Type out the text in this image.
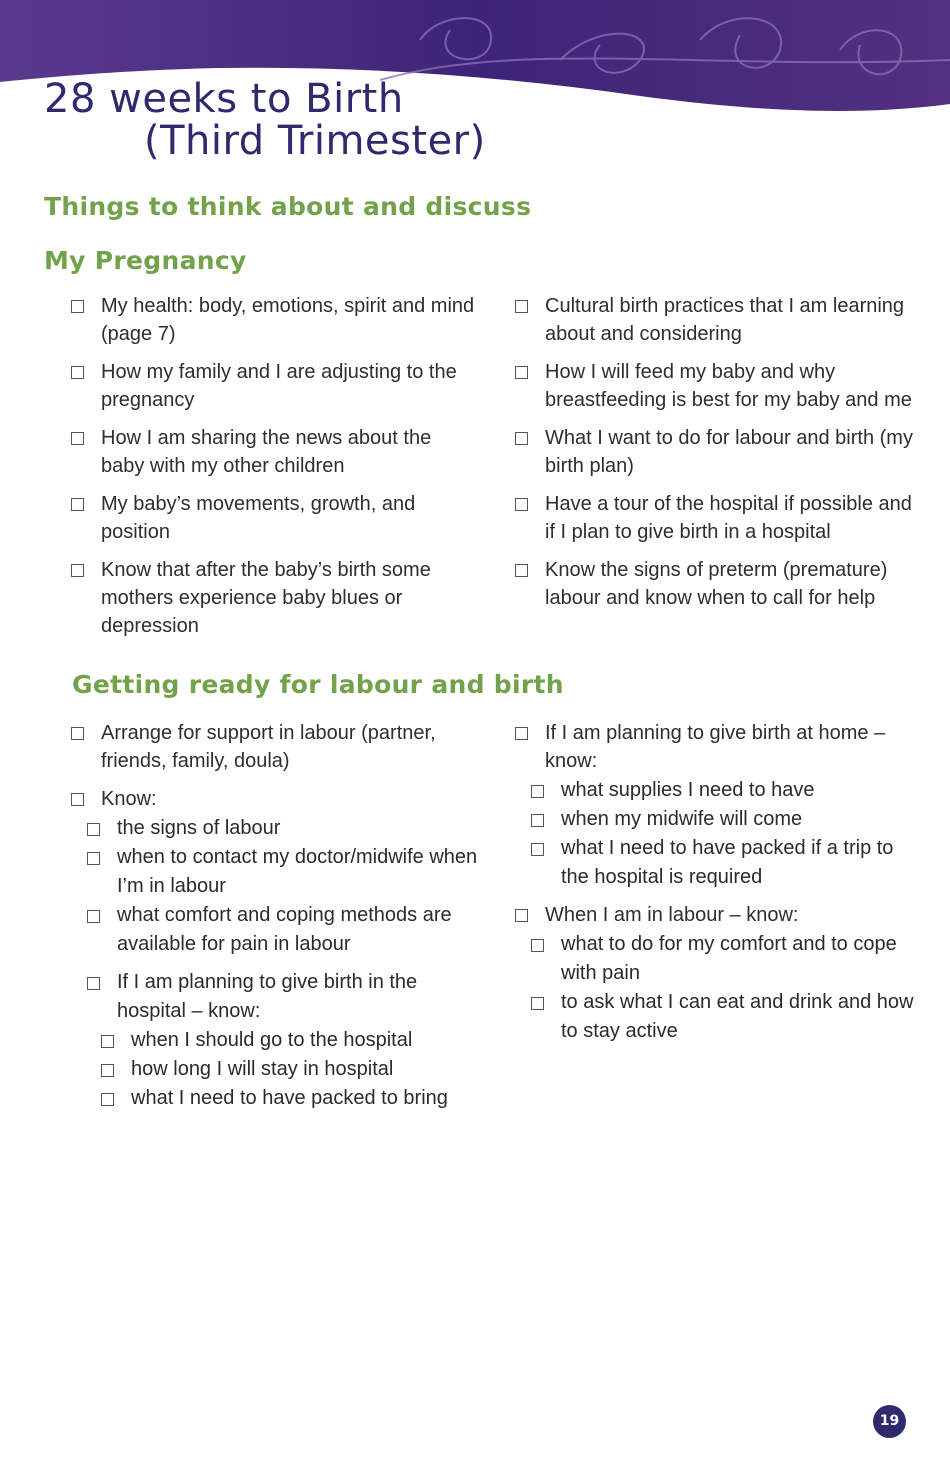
28 weeks to Birth
(Third Trimester)
Things to think about and discuss
My Pregnancy
My health: body, emotions, spirit and mind (page 7)
How my family and I are adjusting to the pregnancy
How I am sharing the news about the baby with my other children
My baby’s movements, growth, and position
Know that after the baby’s birth some mothers experience baby blues or depression
Cultural birth practices that I am learning about and considering
How I will feed my baby and why breastfeeding is best for my baby and me
What I want to do for labour and birth (my birth plan)
Have a tour of the hospital if possible and if I plan to give birth in a hospital
Know the signs of preterm (premature) labour and know when to call for help
Getting ready for labour and birth
Arrange for support in labour (partner, friends, family, doula)
Know:
the signs of labour
when to contact my doctor/midwife when I’m in labour
what comfort and coping methods are available for pain in labour
If I am planning to give birth in the hospital – know:
when I should go to the hospital
how long I will stay in hospital
what I need to have packed to bring
If I am planning to give birth at home – know:
what supplies I need to have
when my midwife will come
what I need to have packed if a trip to the hospital is required
When I am in labour – know:
what to do for my comfort and to cope with pain
to ask what I can eat and drink and how to stay active
19
